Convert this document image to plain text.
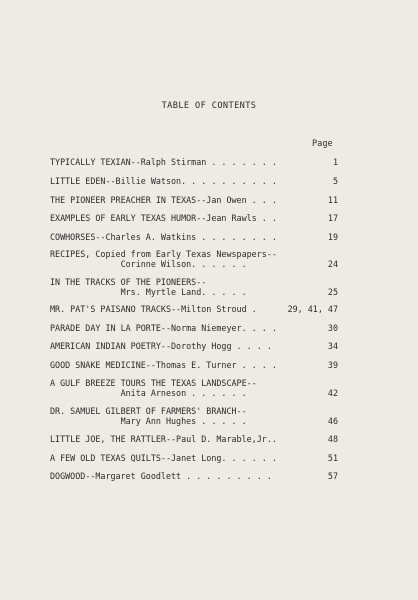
TABLE OF CONTENTS
Page
TYPICALLY TEXIAN--Ralph Stirman . . . . . . .	1
LITTLE EDEN--Billie Watson. . . . . . . . . .	5
THE PIONEER PREACHER IN TEXAS--Jan Owen . . .	11
EXAMPLES OF EARLY TEXAS HUMOR--Jean Rawls . .	17
COWHORSES--Charles A. Watkins . . . . . . . .	19
RECIPES, Copied from Early Texas Newspapers--
Corinne Wilson. . . . . .	24
IN THE TRACKS OF THE PIONEERS--
Mrs. Myrtle Land. . . . .	25
MR. PAT'S PAISANO TRACKS--Milton Stroud .	29, 41, 47
PARADE DAY IN LA PORTE--Norma Niemeyer. . . .	30
AMERICAN INDIAN POETRY--Dorothy Hogg . . . .	34
GOOD SNAKE MEDICINE--Thomas E. Turner . . . .	39
A GULF BREEZE TOURS THE TEXAS LANDSCAPE--
Anita Arneson . . . . . .	42
DR. SAMUEL GILBERT OF FARMERS' BRANCH--
Mary Ann Hughes . . . . .	46
LITTLE JOE, THE RATTLER--Paul D. Marable,Jr..	48
A FEW OLD TEXAS QUILTS--Janet Long. . . . . .	51
DOGWOOD--Margaret Goodlett . . . . . . . . .	57
